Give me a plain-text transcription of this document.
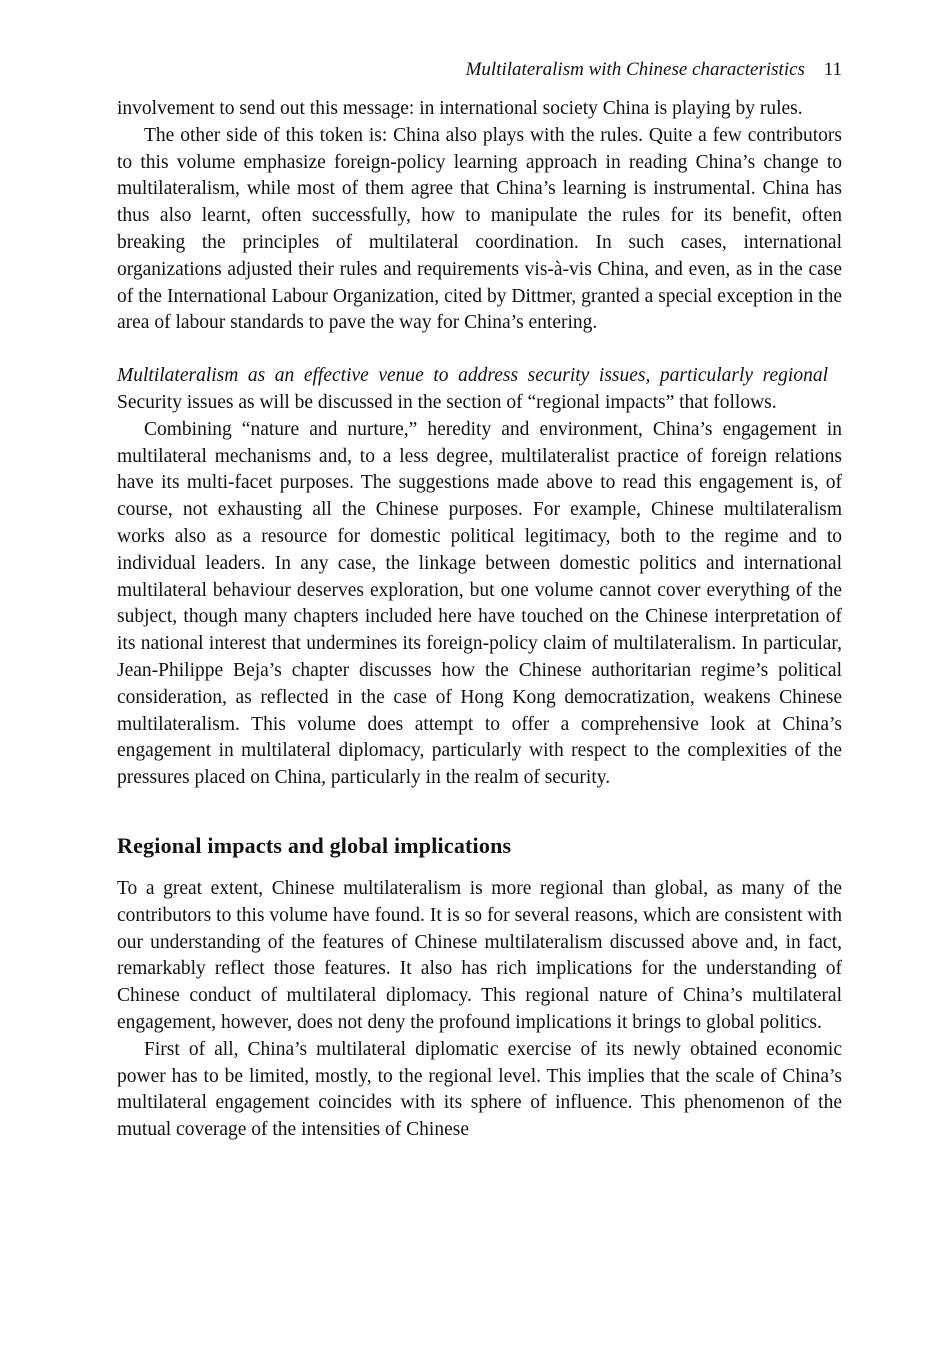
Multilateralism with Chinese characteristics 11

involvement to send out this message: in international society China is playing by rules.

The other side of this token is: China also plays with the rules. Quite a few contributors to this volume emphasize foreign-policy learning approach in reading China’s change to multilateralism, while most of them agree that China’s learning is instrumental. China has thus also learnt, often successfully, how to manipulate the rules for its benefit, often breaking the principles of multilateral coordination. In such cases, international organizations adjusted their rules and requirements vis-à-vis China, and even, as in the case of the International Labour Organization, cited by Dittmer, granted a special exception in the area of labour standards to pave the way for China’s entering.

Multilateralism as an effective venue to address security issues, particularly regionalSecurity issues as will be discussed in the section of “regional impacts” that follows.

Combining “nature and nurture,” heredity and environment, China’s engagement in multilateral mechanisms and, to a less degree, multilateralist practice of foreign relations have its multi-facet purposes. The suggestions made above to read this engagement is, of course, not exhausting all the Chinese purposes. For example, Chinese multilateralism works also as a resource for domestic political legitimacy, both to the regime and to individual leaders. In any case, the linkage between domestic politics and international multilateral behaviour deserves exploration, but one volume cannot cover everything of the subject, though many chapters included here have touched on the Chinese interpretation of its national interest that undermines its foreign-policy claim of multilateralism. In particular, Jean-Philippe Beja’s chapter discusses how the Chinese authoritarian regime’s political consideration, as reflected in the case of Hong Kong democratization, weakens Chinese multilateralism. This volume does attempt to offer a comprehensive look at China’s engagement in multilateral diplomacy, particularly with respect to the complexities of the pressures placed on China, particularly in the realm of security.

Regional impacts and global implications

To a great extent, Chinese multilateralism is more regional than global, as many of the contributors to this volume have found. It is so for several reasons, which are consistent with our understanding of the features of Chinese multilateralism discussed above and, in fact, remarkably reflect those features. It also has rich implications for the understanding of Chinese conduct of multilateral diplomacy. This regional nature of China’s multilateral engagement, however, does not deny the profound implications it brings to global politics.

First of all, China’s multilateral diplomatic exercise of its newly obtained economic power has to be limited, mostly, to the regional level. This implies that the scale of China’s multilateral engagement coincides with its sphere of influence. This phenomenon of the mutual coverage of the intensities of Chinese
